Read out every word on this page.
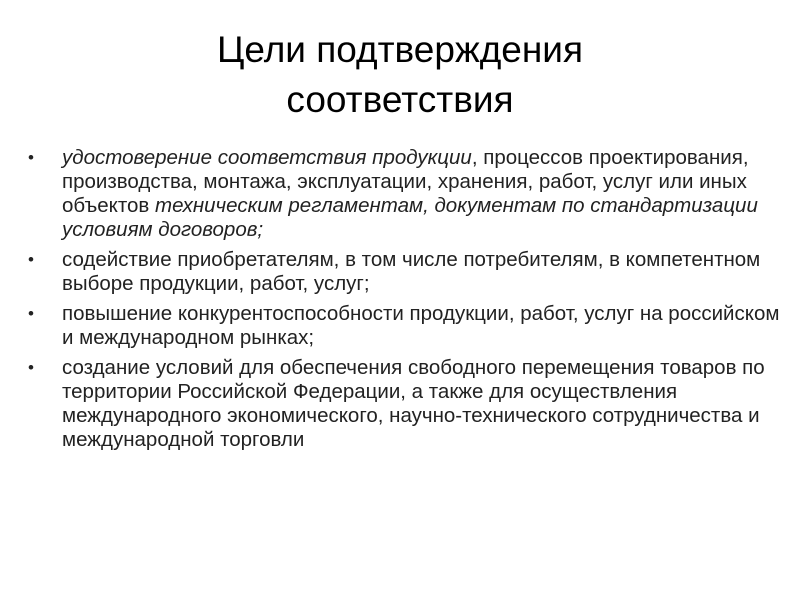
Цели подтверждения
соответствия
• удостоверение соответствия продукции, процессов проектирования, производства, монтажа, эксплуатации, хранения, работ, услуг или иных объектов техническим регламентам, документам по стандартизации условиям договоров;
• содействие приобретателям, в том числе потребителям, в компетентном выборе продукции, работ, услуг;
• повышение конкурентоспособности продукции, работ, услуг на российском и международном рынках;
• создание условий для обеспечения свободного перемещения товаров по территории Российской Федерации, а также для осуществления международного экономического, научно-технического сотрудничества и международной торговли
